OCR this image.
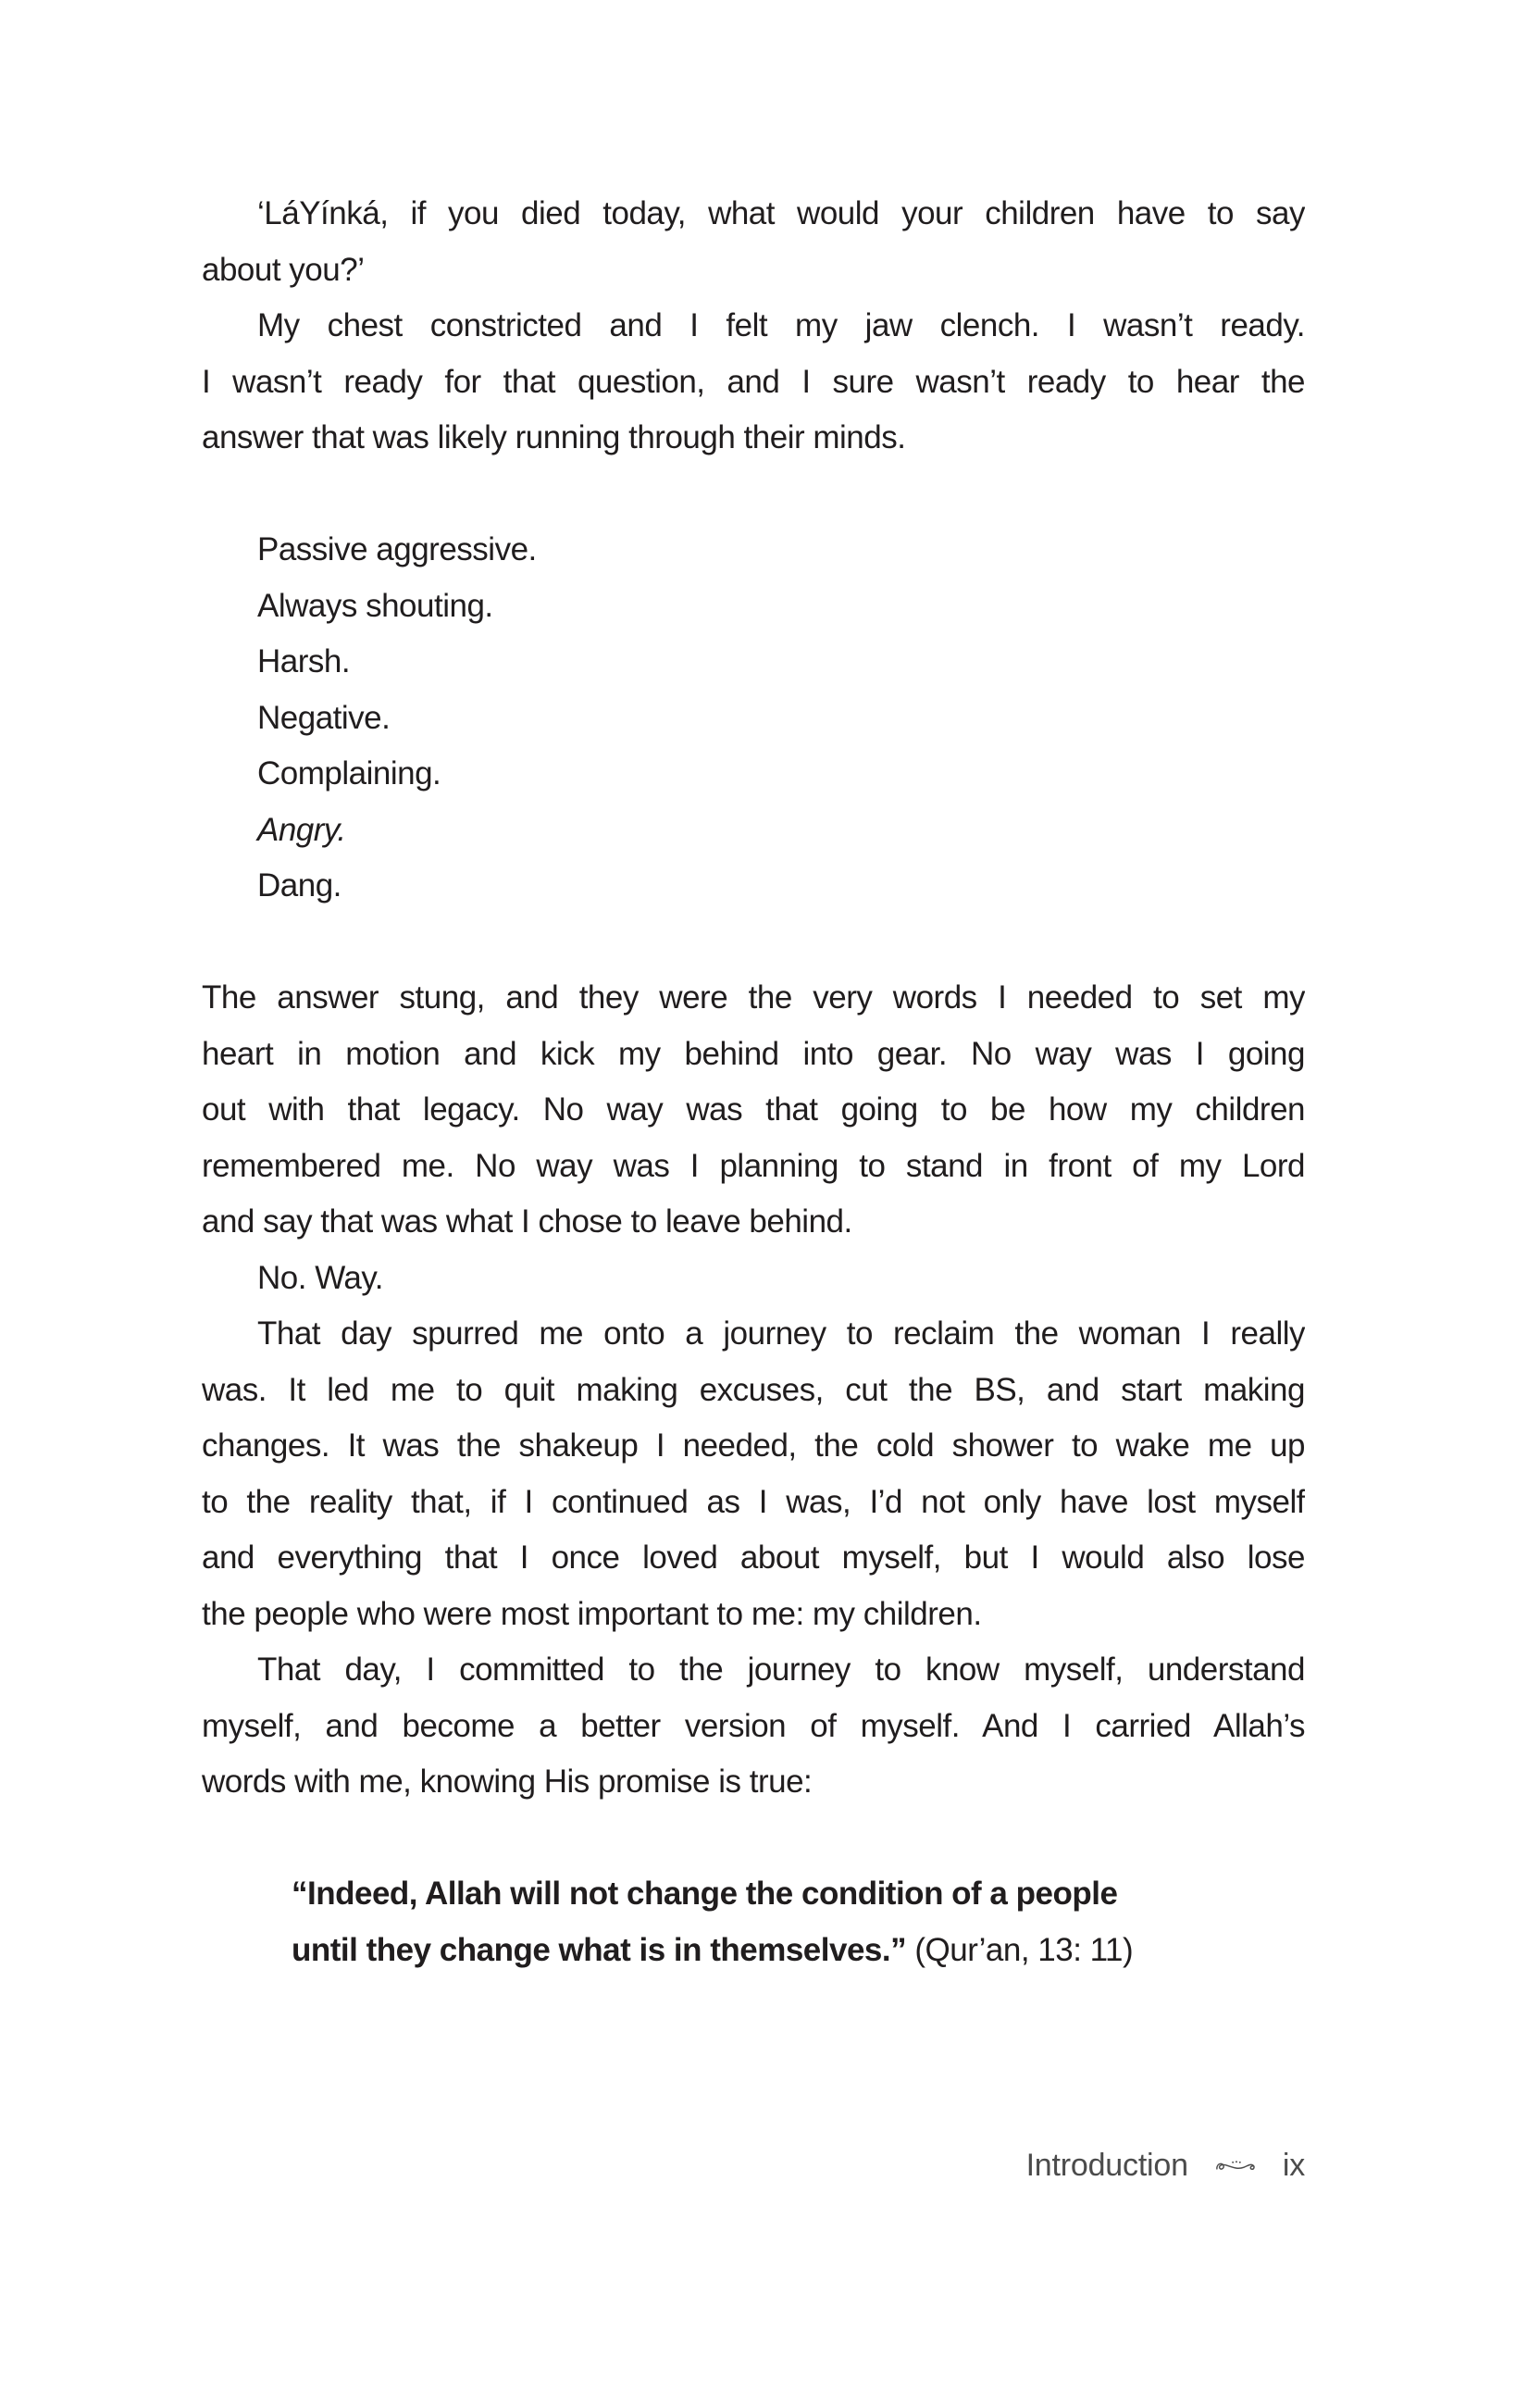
‘LáYínká, if you died today, what would your children have to say
about you?’
My chest constricted and I felt my jaw clench. I wasn’t ready.
I wasn’t ready for that question, and I sure wasn’t ready to hear the
answer that was likely running through their minds.
Passive aggressive.
Always shouting.
Harsh.
Negative.
Complaining.
Angry.
Dang.
The answer stung, and they were the very words I needed to set my
heart in motion and kick my behind into gear. No way was I going
out with that legacy. No way was that going to be how my children
remembered me. No way was I planning to stand in front of my Lord
and say that was what I chose to leave behind.
No. Way.
That day spurred me onto a journey to reclaim the woman I really
was. It led me to quit making excuses, cut the BS, and start making
changes. It was the shakeup I needed, the cold shower to wake me up
to the reality that, if I continued as I was, I’d not only have lost myself
and everything that I once loved about myself, but I would also lose
the people who were most important to me: my children.
That day, I committed to the journey to know myself, understand
myself, and become a better version of myself. And I carried Allah’s
words with me, knowing His promise is true:
“Indeed, Allah will not change the condition of a people
until they change what is in themselves.” (Qur’an, 13: 11)
Introduction	ix
